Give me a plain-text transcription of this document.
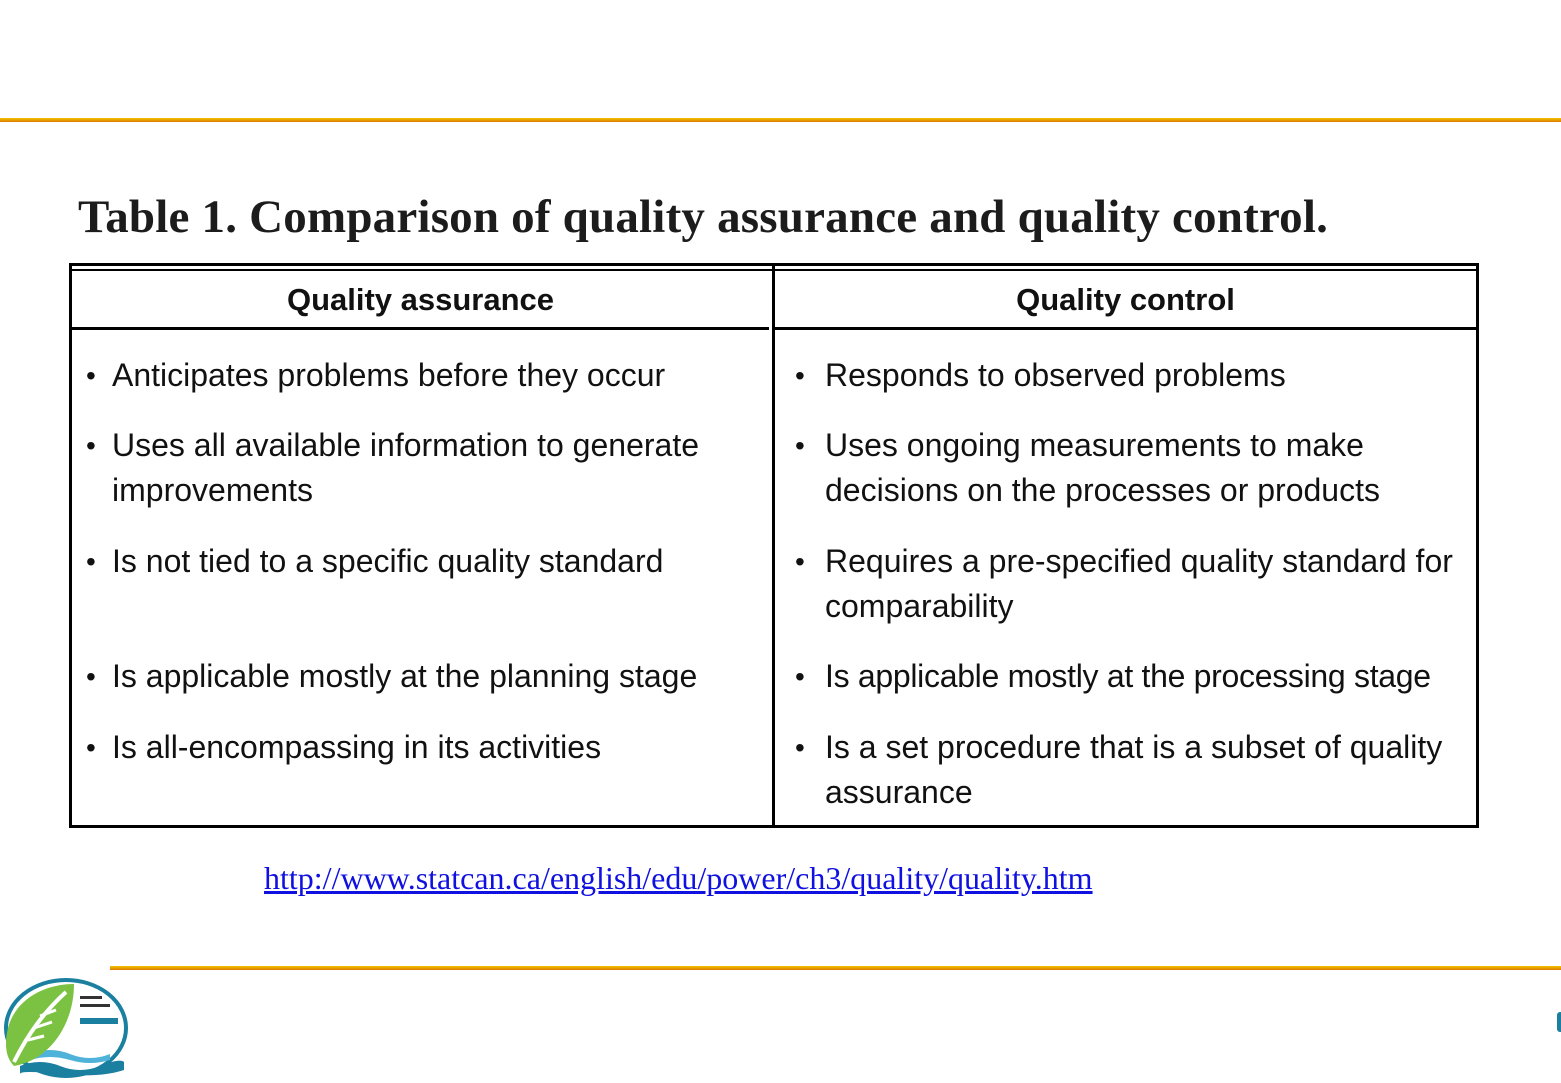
Table 1. Comparison of quality assurance and quality control.
Quality assurance
• Anticipates problems before they occur
• Uses all available information to generate improvements
• Is not tied to a specific quality standard
• Is applicable mostly at the planning stage
• Is all-encompassing in its activities
Quality control
• Responds to observed problems
• Uses ongoing measurements to make decisions on the processes or products
• Requires a pre-specified quality standard for comparability
• Is applicable mostly at the processing stage
• Is a set procedure that is a subset of quality assurance
http://www.statcan.ca/english/edu/power/ch3/quality/quality.htm
